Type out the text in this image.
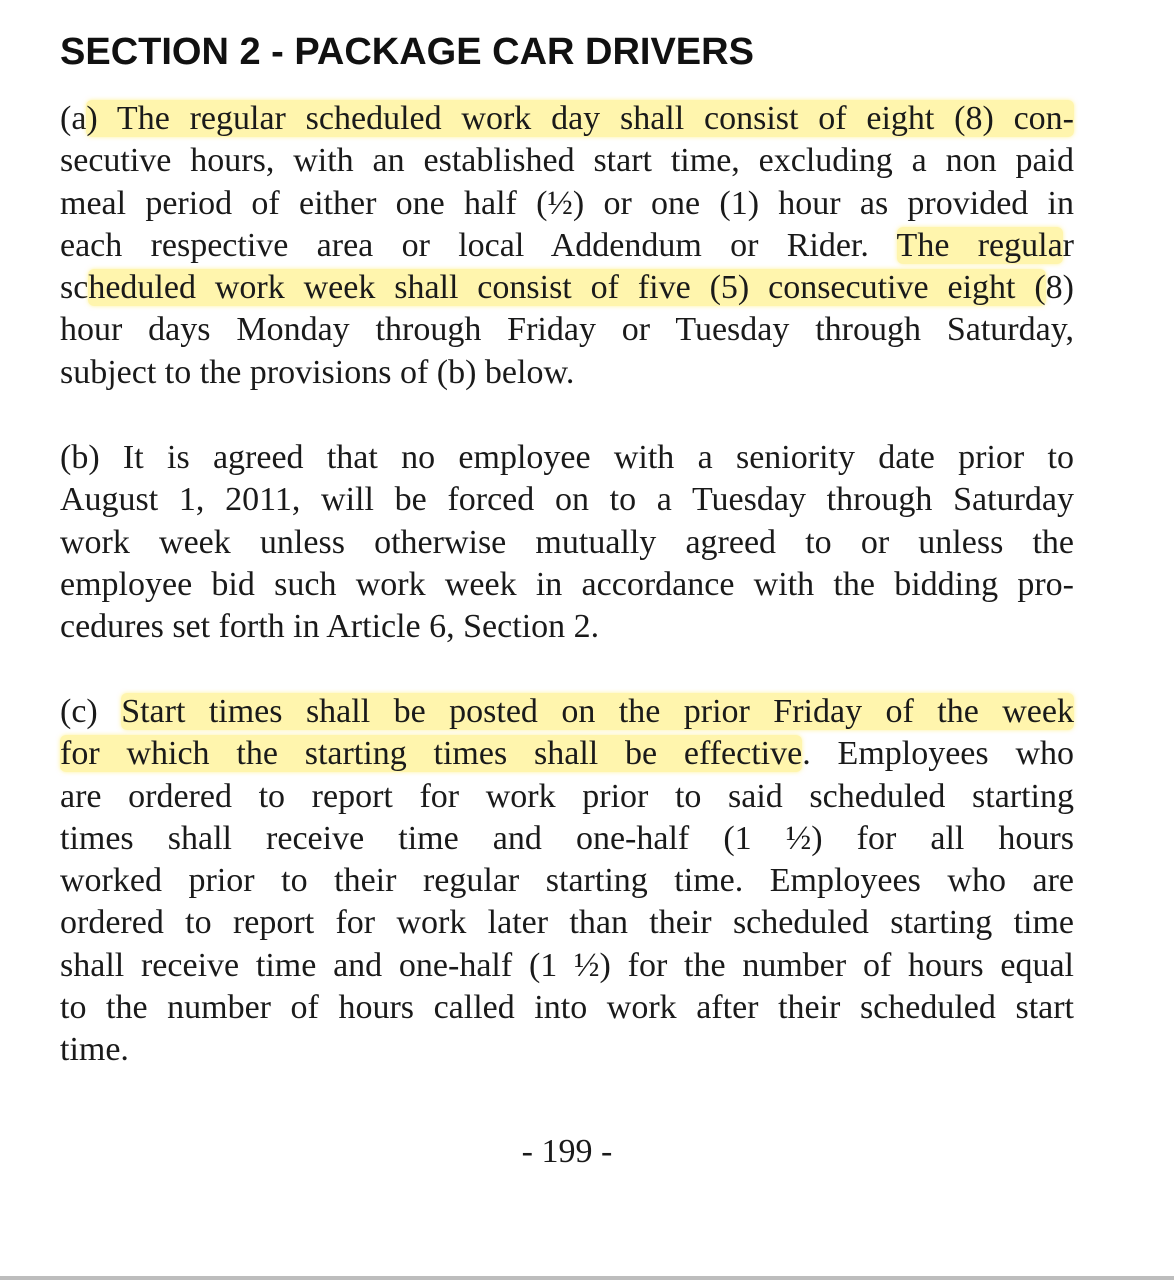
SECTION 2 - PACKAGE CAR DRIVERS
(a) The regular scheduled work day shall consist of eight (8) con-
secutive hours, with an established start time, excluding a non paid
meal period of either one half (½) or one (1) hour as provided in
each respective area or local Addendum or Rider. The regular
scheduled work week shall consist of five (5) consecutive eight (8)
hour days Monday through Friday or Tuesday through Saturday,
subject to the provisions of (b) below.
(b) It is agreed that no employee with a seniority date prior to
August 1, 2011, will be forced on to a Tuesday through Saturday
work week unless otherwise mutually agreed to or unless the
employee bid such work week in accordance with the bidding pro-
cedures set forth in Article 6, Section 2.
(c) Start times shall be posted on the prior Friday of the week
for which the starting times shall be effective. Employees who
are ordered to report for work prior to said scheduled starting
times shall receive time and one-half (1 ½) for all hours
worked prior to their regular starting time. Employees who are
ordered to report for work later than their scheduled starting time
shall receive time and one-half (1 ½) for the number of hours equal
to the number of hours called into work after their scheduled start
time.
- 199 -
